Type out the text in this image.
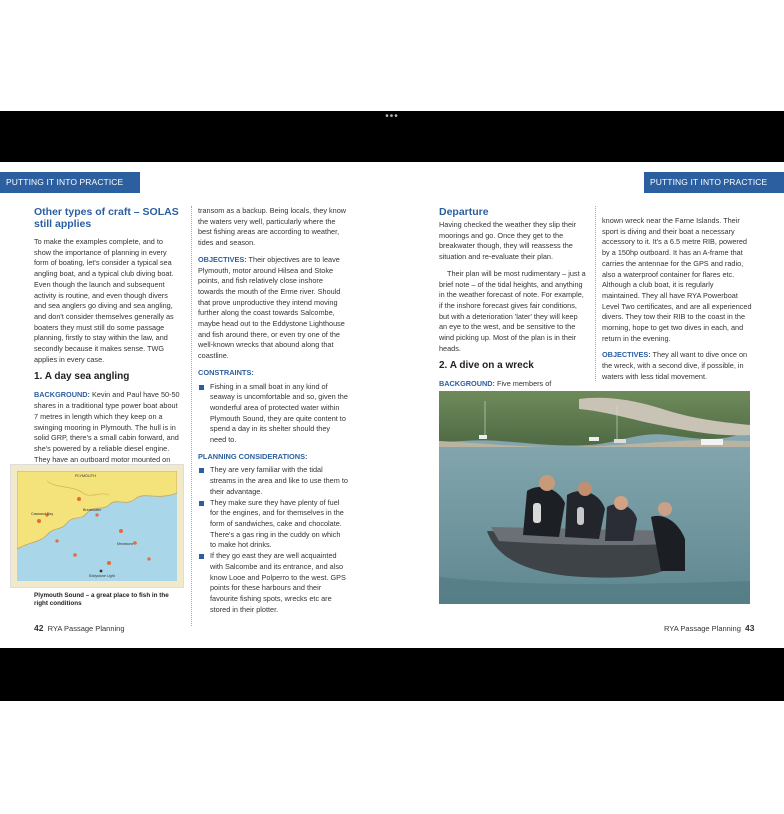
•••
PUTTING IT INTO PRACTICE	PUTTING IT INTO PRACTICE
Other types of craft – SOLAS still applies

To make the examples complete, and to show the importance of planning in every form of boating, let's consider a typical sea angling boat, and a typical club diving boat. Even though the launch and subsequent activity is routine, and even though divers and sea anglers go diving and sea angling, and don't consider themselves generally as boaters they must still do some passage planning, firstly to stay within the law, and secondly because it makes sense. TWG applies in every case.

1. A day sea angling

BACKGROUND: Kevin and Paul have 50-50 shares in a traditional type power boat about 7 metres in length which they keep on a swinging mooring in Plymouth. The hull is in solid GRP, there's a small cabin forward, and she's powered by a reliable diesel engine. They have an outboard motor mounted on

PLYMOUTH
Cawsand Bay
Breakwater
Mewstone
Eddystone Light
Plymouth Sound – a great place to fish in the right conditions

transom as a backup. Being locals, they know the waters very well, particularly where the best fishing areas are according to weather, tides and season.

OBJECTIVES: Their objectives are to leave Plymouth, motor around Hilsea and Stoke points, and fish relatively close inshore towards the mouth of the Erme river. Should that prove unproductive they intend moving further along the coast towards Salcombe, maybe head out to the Eddystone Lighthouse and fish around there, or even try one of the well-known wrecks that abound along that coastline.

CONSTRAINTS:
Fishing in a small boat in any kind of seaway is uncomfortable and so, given the wonderful area of protected water within Plymouth Sound, they are quite content to spend a day in its shelter should they need to.
PLANNING CONSIDERATIONS:
They are very familiar with the tidal streams in the area and like to use them to their advantage.
They make sure they have plenty of fuel for the engines, and for themselves in the form of sandwiches, cake and chocolate. There's a gas ring in the cuddy on which to make hot drinks.
If they go east they are well acquainted with Salcombe and its entrance, and also know Looe and Polperro to the west. GPS points for these harbours and their favourite fishing spots, wrecks etc are stored in their plotter.
Departure

Having checked the weather they slip their moorings and go. Once they get to the breakwater though, they will reassess the situation and re-evaluate their plan.

Their plan will be most rudimentary – just a brief note – of the tidal heights, and anything in the weather forecast of note. For example, if the inshore forecast gives fair conditions, but with a deterioration 'later' they will keep an eye to the west, and be sensitive to the wind picking up. Most of the plan is in their heads.

2. A dive on a wreck

BACKGROUND: Five members of

known wreck near the Farne Islands. Their sport is diving and their boat a necessary accessory to it. It's a 6.5 metre RIB, powered by a 150hp outboard. It has an A-frame that carries the antennae for the GPS and radio, also a waterproof container for flares etc. Although a club boat, it is regularly maintained. They all have RYA Powerboat Level Two certificates, and are all experienced divers. They tow their RIB to the coast in the morning, hope to get two dives in each, and return in the evening.

OBJECTIVES: They all want to dive once on the wreck, with a second dive, if possible, in waters with less tidal movement.

42 RYA Passage Planning	RYA Passage Planning 43
